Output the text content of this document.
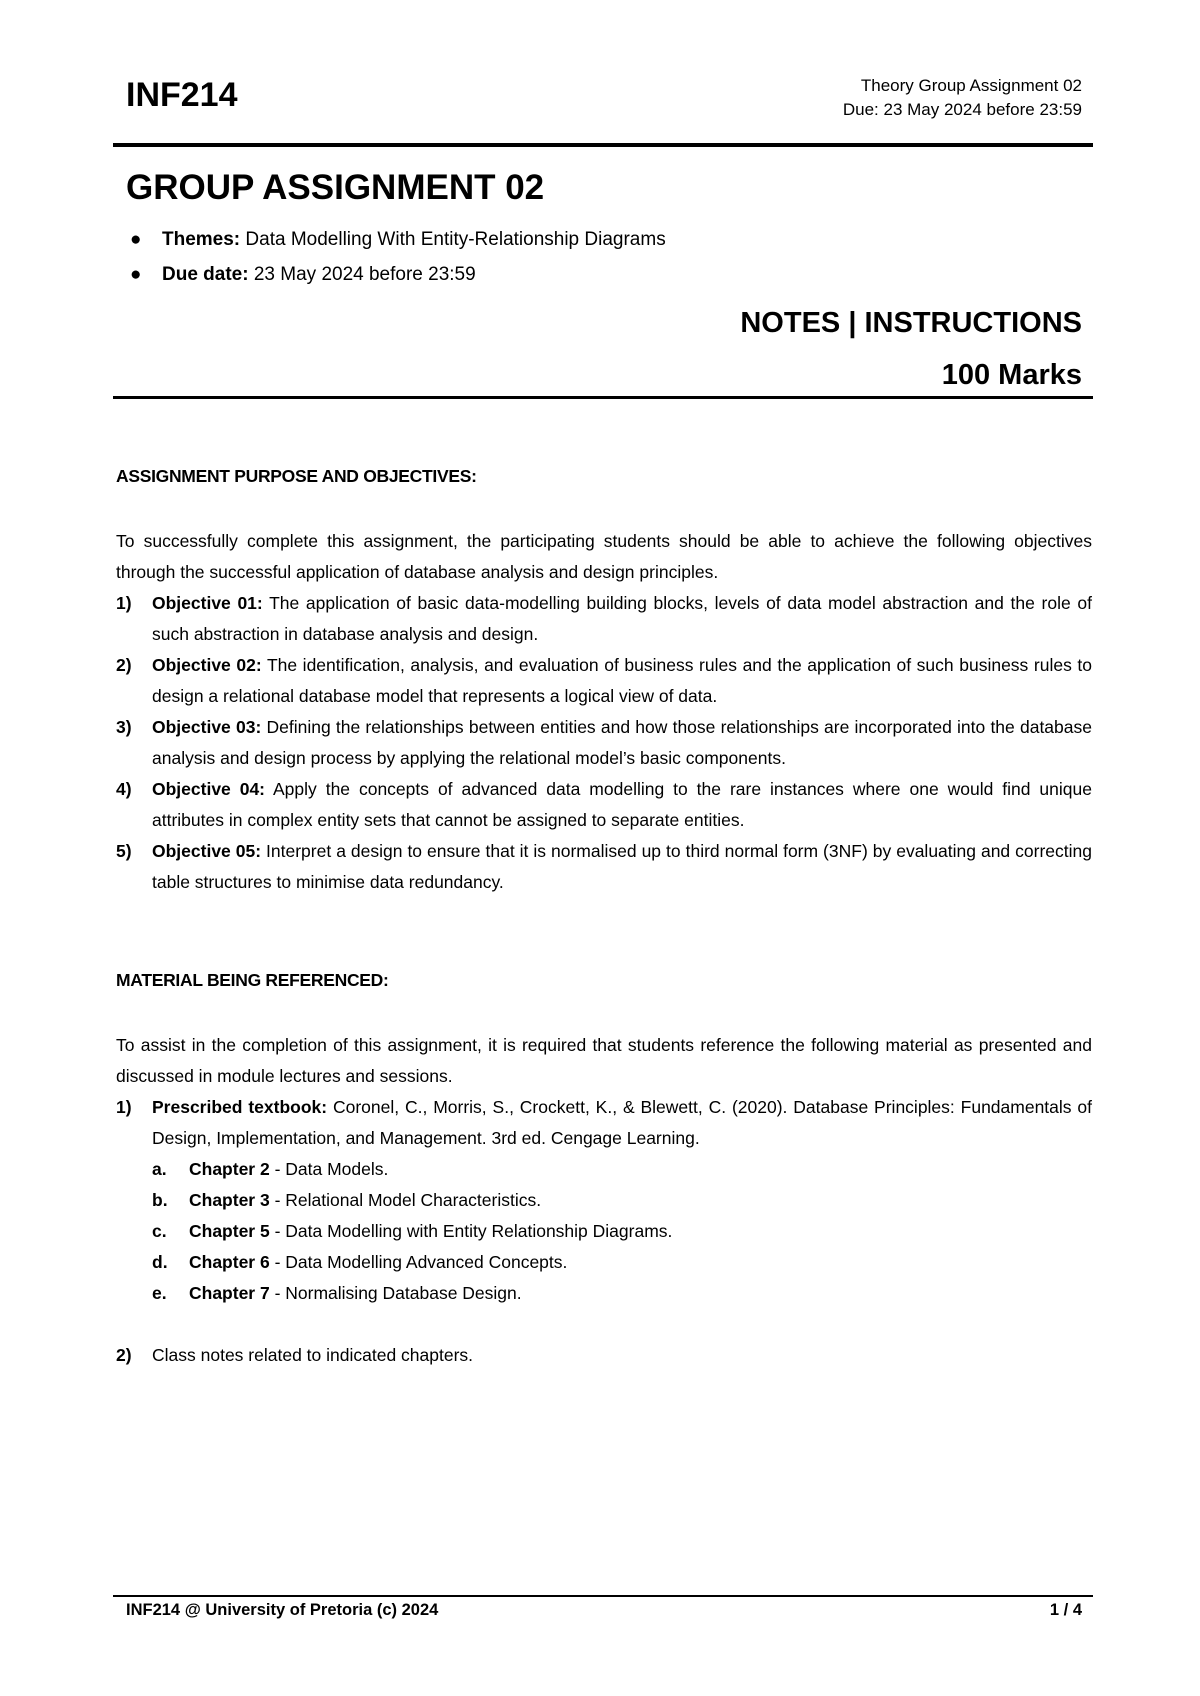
INF214	Theory Group Assignment 02
Due: 23 May 2024 before 23:59
GROUP ASSIGNMENT 02
● Themes: Data Modelling With Entity-Relationship Diagrams
● Due date: 23 May 2024 before 23:59
NOTES | INSTRUCTIONS
100 Marks
ASSIGNMENT PURPOSE AND OBJECTIVES:
To successfully complete this assignment, the participating students should be able to achieve the following objectives through the successful application of database analysis and design principles.
1) Objective 01: The application of basic data-modelling building blocks, levels of data model abstraction and the role of such abstraction in database analysis and design.
2) Objective 02: The identification, analysis, and evaluation of business rules and the application of such business rules to design a relational database model that represents a logical view of data.
3) Objective 03: Defining the relationships between entities and how those relationships are incorporated into the database analysis and design process by applying the relational model’s basic components.
4) Objective 04: Apply the concepts of advanced data modelling to the rare instances where one would find unique attributes in complex entity sets that cannot be assigned to separate entities.
5) Objective 05: Interpret a design to ensure that it is normalised up to third normal form (3NF) by evaluating and correcting table structures to minimise data redundancy.
MATERIAL BEING REFERENCED:
To assist in the completion of this assignment, it is required that students reference the following material as presented and discussed in module lectures and sessions.
1) Prescribed textbook: Coronel, C., Morris, S., Crockett, K., & Blewett, C. (2020). Database Principles: Fundamentals of Design, Implementation, and Management. 3rd ed. Cengage Learning.
a. Chapter 2 - Data Models.
b. Chapter 3 - Relational Model Characteristics.
c. Chapter 5 - Data Modelling with Entity Relationship Diagrams.
d. Chapter 6 - Data Modelling Advanced Concepts.
e. Chapter 7 - Normalising Database Design.
2) Class notes related to indicated chapters.
INF214 @ University of Pretoria (c) 2024	1 / 4
